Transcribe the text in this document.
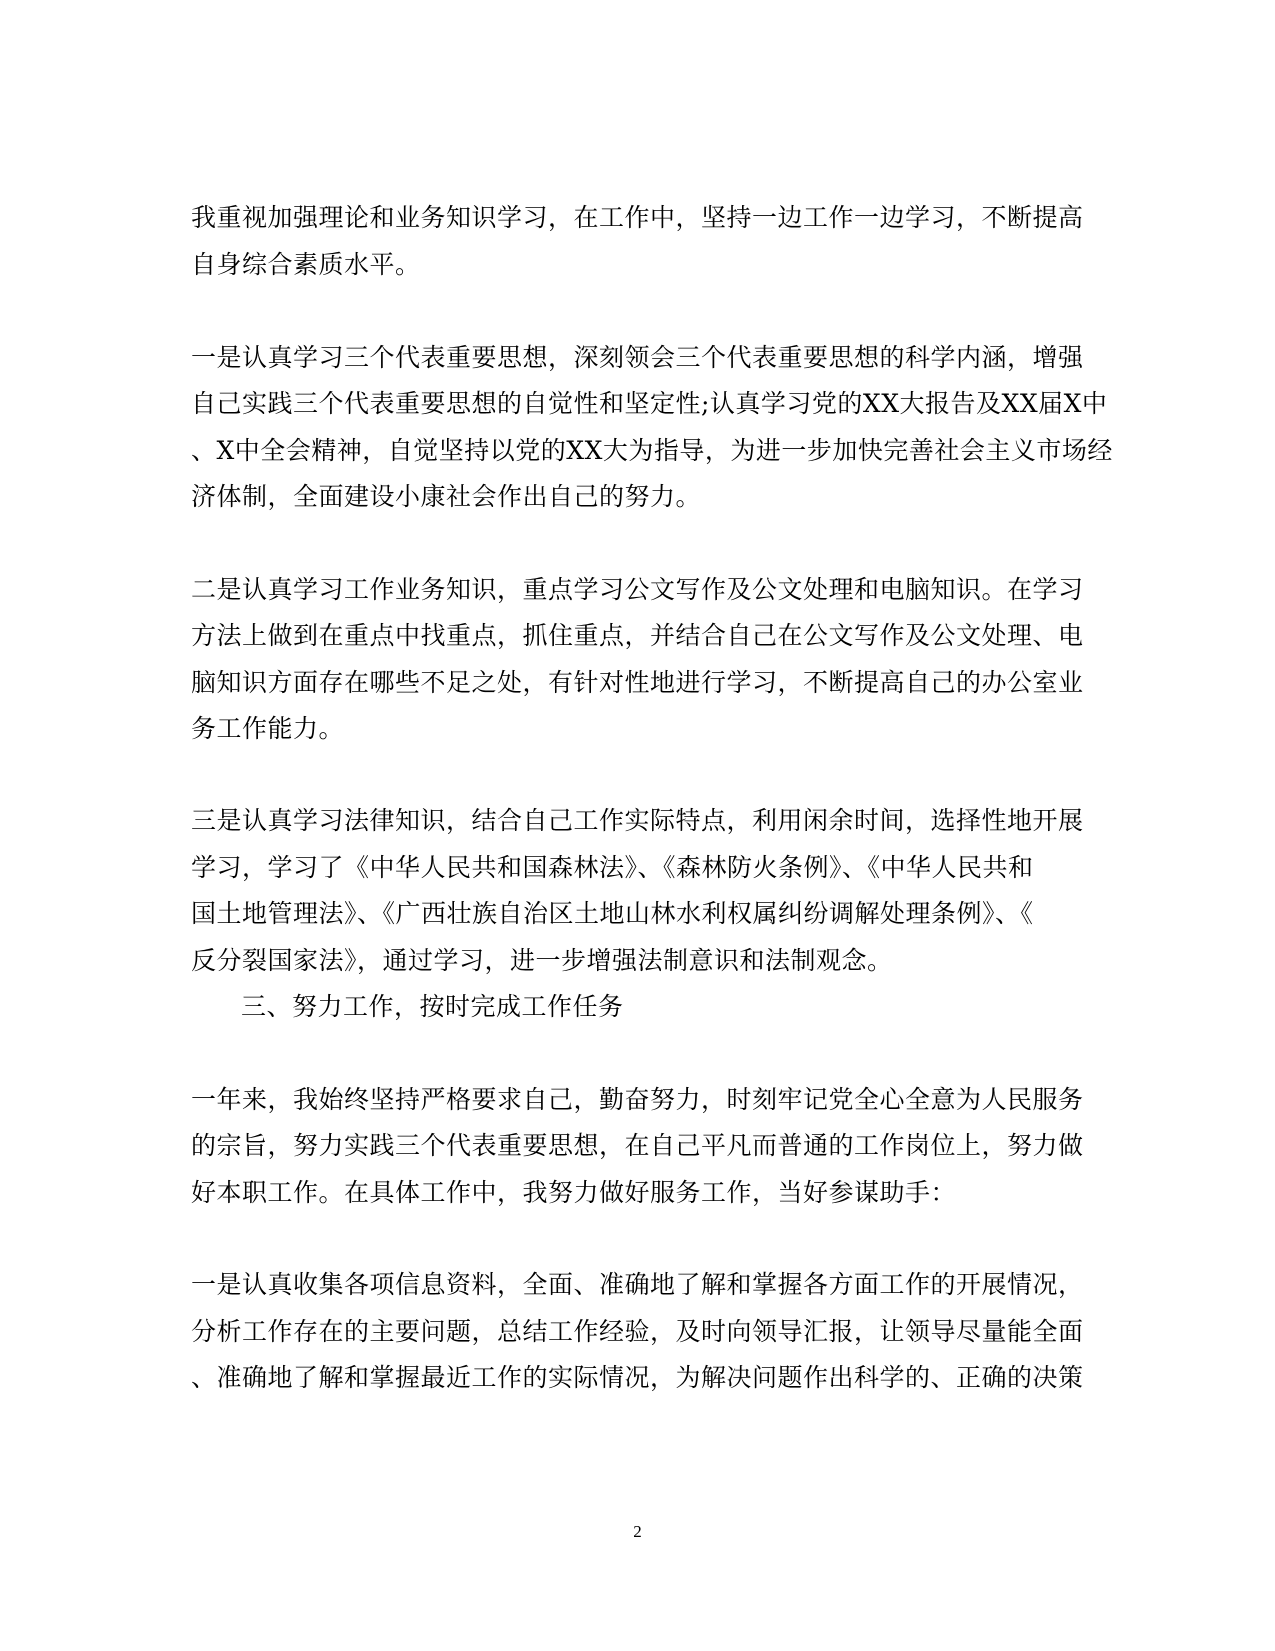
我重视加强理论和业务知识学习，在工作中，坚持一边工作一边学习，不断提高
自身综合素质水平。
一是认真学习三个代表重要思想，深刻领会三个代表重要思想的科学内涵，增强
自己实践三个代表重要思想的自觉性和坚定性;认真学习党的XX大报告及XX届X中
、X中全会精神，自觉坚持以党的XX大为指导，为进一步加快完善社会主义市场经
济体制，全面建设小康社会作出自己的努力。
二是认真学习工作业务知识，重点学习公文写作及公文处理和电脑知识。在学习
方法上做到在重点中找重点，抓住重点，并结合自己在公文写作及公文处理、电
脑知识方面存在哪些不足之处，有针对性地进行学习，不断提高自己的办公室业
务工作能力。
三是认真学习法律知识，结合自己工作实际特点，利用闲余时间，选择性地开展
学习，学习了《中华人民共和国森林法》、《森林防火条例》、《中华人民共和
国土地管理法》、《广西壮族自治区土地山林水利权属纠纷调解处理条例》、《
反分裂国家法》，通过学习，进一步增强法制意识和法制观念。
三、努力工作，按时完成工作任务
一年来，我始终坚持严格要求自己，勤奋努力，时刻牢记党全心全意为人民服务
的宗旨，努力实践三个代表重要思想，在自己平凡而普通的工作岗位上，努力做
好本职工作。在具体工作中，我努力做好服务工作，当好参谋助手：
一是认真收集各项信息资料，全面、准确地了解和掌握各方面工作的开展情况，
分析工作存在的主要问题，总结工作经验，及时向领导汇报，让领导尽量能全面
、准确地了解和掌握最近工作的实际情况，为解决问题作出科学的、正确的决策
2
